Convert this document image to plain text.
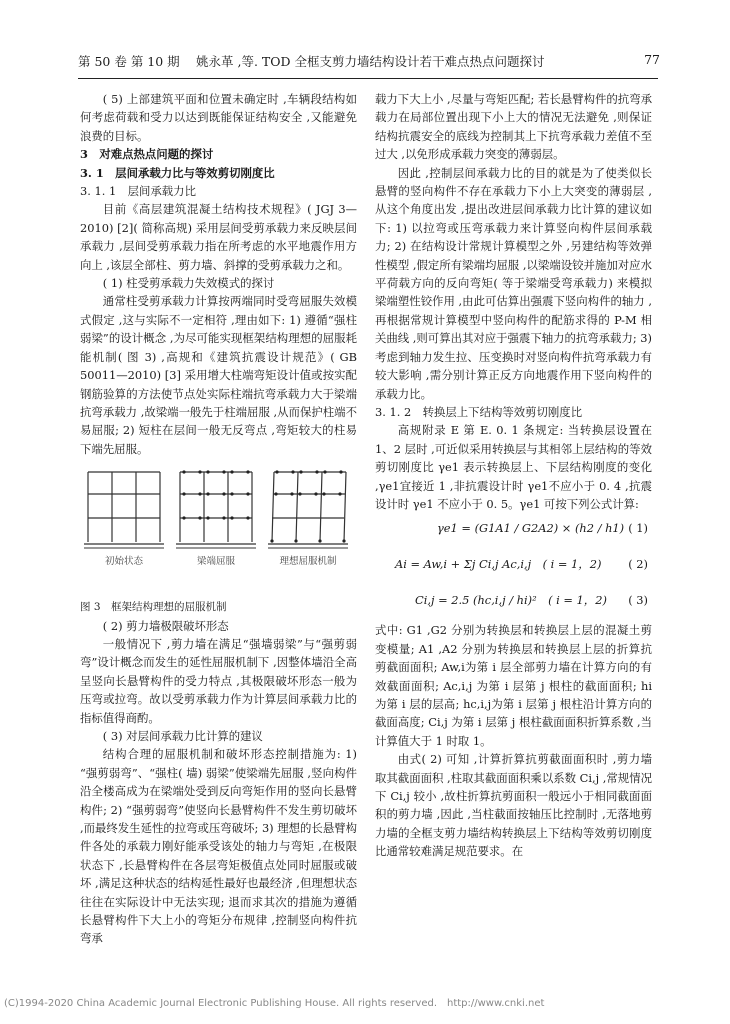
第 50 卷 第 10 期 姚永革 ,等. TOD 全框支剪力墙结构设计若干难点热点问题探讨	77

( 5) 上部建筑平面和位置未确定时 ,车辆段结构如何考虑荷载和受力以达到既能保证结构安全 ,又能避免浪费的目标。

3　对难点热点问题的探讨

3. 1　层间承载力比与等效剪切刚度比

3. 1. 1　层间承载力比

目前《高层建筑混凝土结构技术规程》( JGJ 3—2010) [2]( 简称高规) 采用层间受剪承载力来反映层间承载力 ,层间受剪承载力指在所考虑的水平地震作用方向上 ,该层全部柱、剪力墙、斜撑的受剪承载力之和。

( 1) 柱受剪承载力失效模式的探讨

通常柱受剪承载力计算按两端同时受弯屈服失效模式假定 ,这与实际不一定相符 ,理由如下: 1) 遵循“强柱弱梁”的设计概念 ,为尽可能实现框架结构理想的屈服耗能机制( 图 3) ,高规和《建筑抗震设计规范》( GB 50011—2010) [3] 采用增大柱端弯矩设计值或按实配钢筋验算的方法使节点处实际柱端抗弯承载力大于梁端抗弯承载力 ,故梁端一般先于柱端屈服 ,从而保护柱端不易屈服; 2) 短柱在层间一般无反弯点 ,弯矩较大的柱易下端先屈服。

初始状态	梁端屈服	理想屈服机制

图 3　框架结构理想的屈服机制

( 2) 剪力墙极限破坏形态

一般情况下 ,剪力墙在满足“强墙弱梁”与“强剪弱弯”设计概念而发生的延性屈服机制下 ,因整体墙沿全高呈竖向长悬臂构件的受力特点 ,其极限破坏形态一般为压弯或拉弯。故以受剪承载力作为计算层间承载力比的指标值得商酌。

( 3) 对层间承载力比计算的建议

结构合理的屈服机制和破坏形态控制措施为: 1) “强剪弱弯”、“强柱( 墙) 弱梁”使梁端先屈服 ,竖向构件沿全楼高成为在梁端处受到反向弯矩作用的竖向长悬臂构件; 2) “强剪弱弯”使竖向长悬臂构件不发生剪切破坏 ,而最终发生延性的拉弯或压弯破坏; 3) 理想的长悬臂构件各处的承载力刚好能承受该处的轴力与弯矩 ,在极限状态下 ,长悬臂构件在各层弯矩极值点处同时屈服或破坏 ,满足这种状态的结构延性最好也最经济 ,但理想状态往往在实际设计中无法实现; 退而求其次的措施为遵循长悬臂构件下大上小的弯矩分布规律 ,控制竖向构件抗弯承

载力下大上小 ,尽量与弯矩匹配; 若长悬臂构件的抗弯承载力在局部位置出现下小上大的情况无法避免 ,则保证结构抗震安全的底线为控制其上下抗弯承载力差值不至过大 ,以免形成承载力突变的薄弱层。

因此 ,控制层间承载力比的目的就是为了使类似长悬臂的竖向构件不存在承载力下小上大突变的薄弱层 ,从这个角度出发 ,提出改进层间承载力比计算的建议如下: 1) 以拉弯或压弯承载力来计算竖向构件层间承载力; 2) 在结构设计常规计算模型之外 ,另建结构等效弹性模型 ,假定所有梁端均屈服 ,以梁端设铰并施加对应水平荷载方向的反向弯矩( 等于梁端受弯承载力) 来模拟梁端塑性铰作用 ,由此可估算出强震下竖向构件的轴力 ,再根据常规计算模型中竖向构件的配筋求得的 P-M 相关曲线 ,则可算出其对应于强震下轴力的抗弯承载力; 3) 考虑到轴力发生拉、压变换时对竖向构件抗弯承载力有较大影响 ,需分别计算正反方向地震作用下竖向构件的承载力比。

3. 1. 2　转换层上下结构等效剪切刚度比

高规附录 E 第 E. 0. 1 条规定: 当转换层设置在 1、2 层时 ,可近似采用转换层与其相邻上层结构的等效剪切刚度比 γe1 表示转换层上、下层结构刚度的变化 ,γe1宜接近 1 ,非抗震设计时 γe1不应小于 0. 4 ,抗震设计时 γe1 不应小于 0. 5。γe1 可按下列公式计算:

γe1 = (G1A1 / G2A2) × (h2 / h1) ( 1)
Ai = Aw,i + Σj Ci,j Ac,i,j　( i = 1，2) ( 2)
Ci,j = 2.5 (hc,i,j / hi)²　( i = 1，2) ( 3)

式中: G1 ,G2 分别为转换层和转换层上层的混凝土剪变模量; A1 ,A2 分别为转换层和转换层上层的折算抗剪截面面积; Aw,i为第 i 层全部剪力墙在计算方向的有效截面面积; Ac,i,j 为第 i 层第 j 根柱的截面面积; hi 为第 i 层的层高; hc,i,j为第 i 层第 j 根柱沿计算方向的截面高度; Ci,j 为第 i 层第 j 根柱截面面积折算系数 ,当计算值大于 1 时取 1。

由式( 2) 可知 ,计算折算抗剪截面面积时 ,剪力墙取其截面面积 ,柱取其截面面积乘以系数 Ci,j ,常规情况下 Ci,j 较小 ,故柱折算抗剪面积一般远小于相同截面面积的剪力墙 ,因此 ,当柱截面按轴压比控制时 ,无落地剪力墙的全框支剪力墙结构转换层上下结构等效剪切刚度比通常较难满足规范要求。在

(C)1994-2020 China Academic Journal Electronic Publishing House. All rights reserved.　http://www.cnki.net
